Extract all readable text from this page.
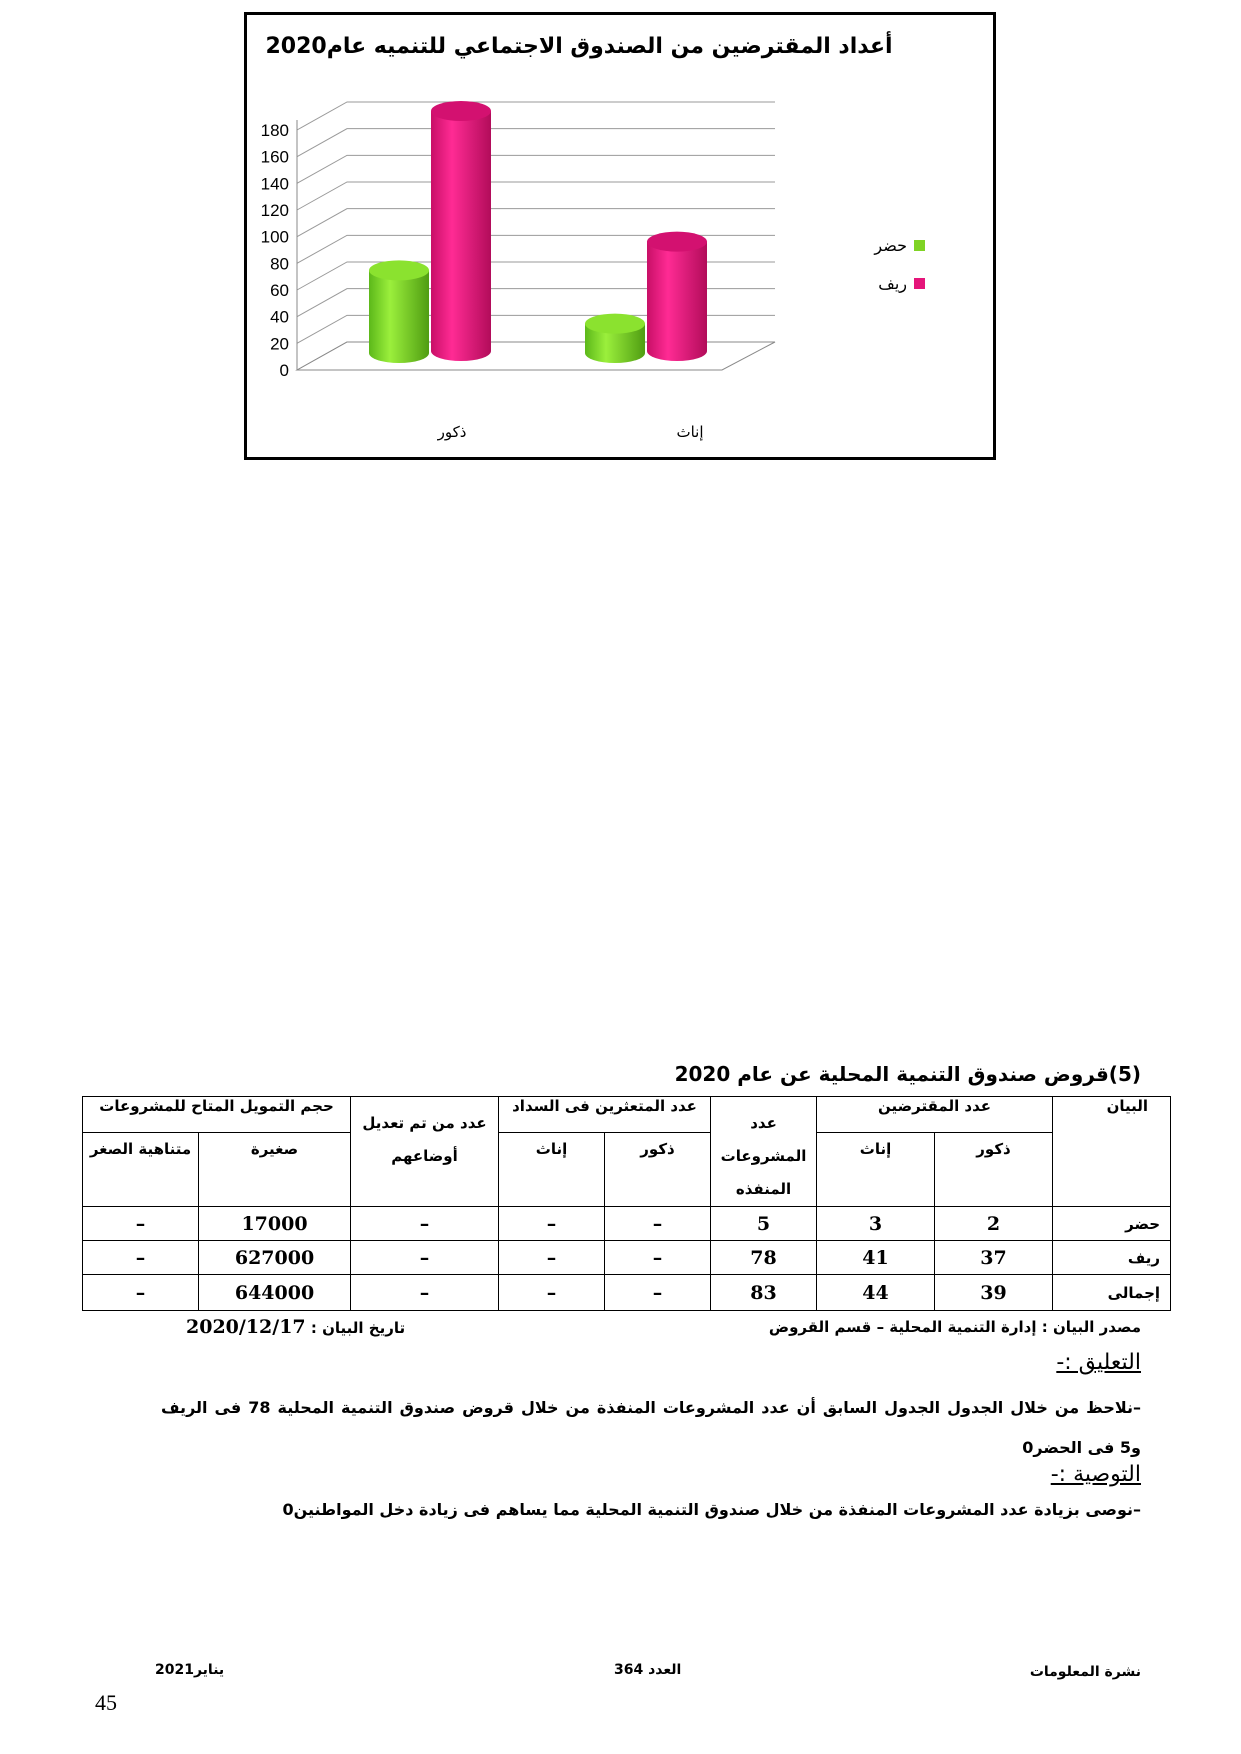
أعداد المقترضين من الصندوق الاجتماعي للتنميه عام2020
0
20
40
60
80
100
120
140
160
180
ذكور	إناث
حضر
ريف
(5)قروض صندوق التنمية المحلية عن عام 2020
البيان	عدد المقترضين		عدد المشروعات المنفذه	عدد المتعثرين فى السداد		عدد من تم تعديل أوضاعهم	حجم التمويل المتاح للمشروعات	
	ذكور	إناث		ذكور	إناث		صغيرة	متناهية الصغر
حضر	2	3	5	–	–	–	17000	–
ريف	37	41	78	–	–	–	627000	–
إجمالى	39	44	83	–	–	–	644000	–
مصدر البيان : إدارة التنمية المحلية – قسم القروض
تاريخ البيان : 2020/12/17
التعليق :-
–نلاحظ من خلال الجدول الجدول السابق أن عدد المشروعات المنفذة من خلال قروض صندوق التنمية المحلية 78 فى الريف و5 فى الحضر0
التوصية :-
–نوصى بزيادة عدد المشروعات المنفذة من خلال صندوق التنمية المحلية مما يساهم فى زيادة دخل المواطنين0
نشرة المعلومات
العدد 364
يناير2021
45
